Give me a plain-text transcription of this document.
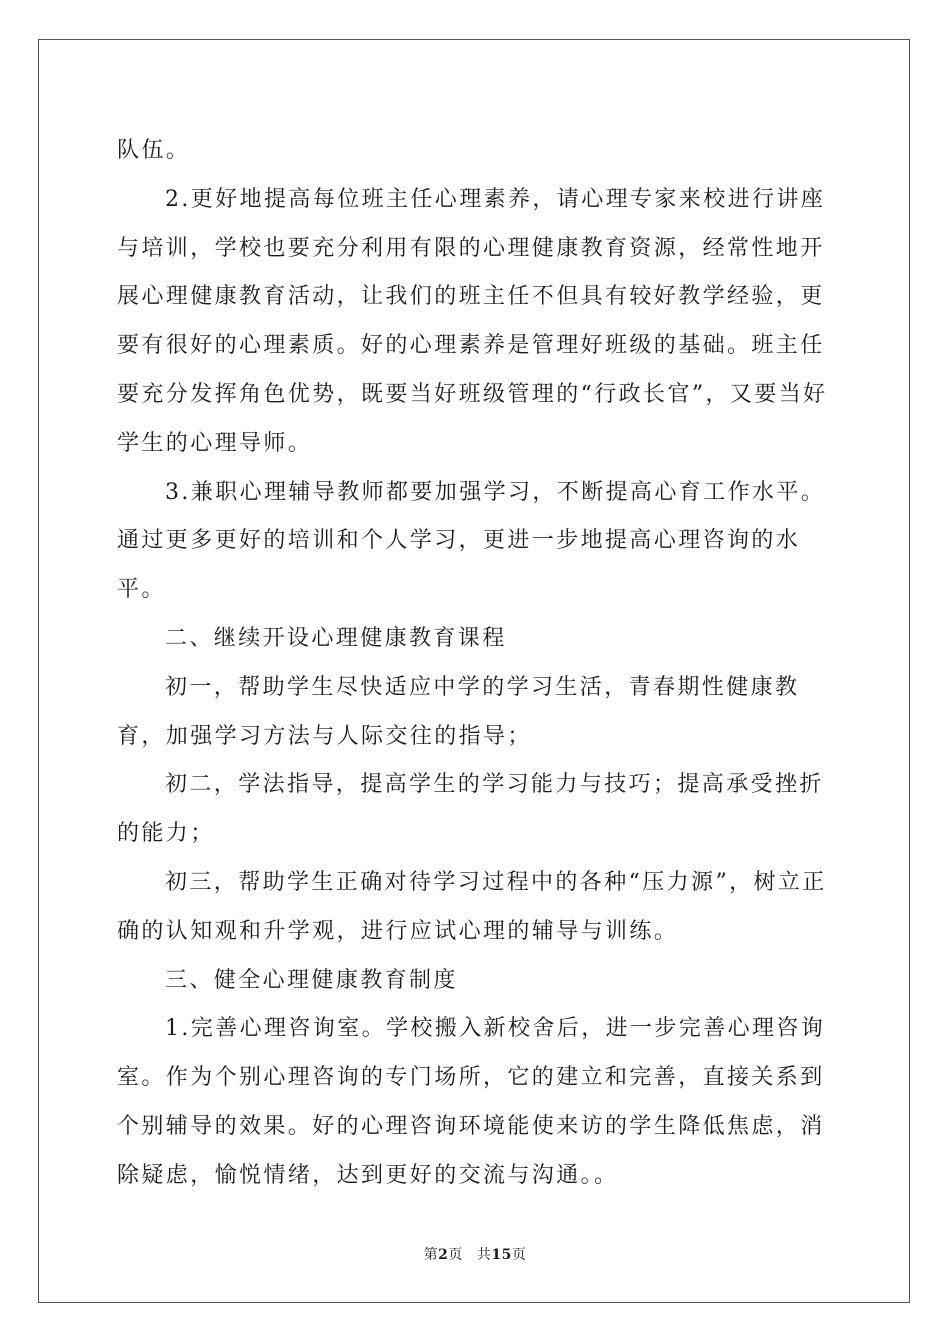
队伍。

2.更好地提高每位班主任心理素养，请心理专家来校进行讲座与培训，学校也要充分利用有限的心理健康教育资源，经常性地开展心理健康教育活动，让我们的班主任不但具有较好教学经验，更要有很好的心理素质。好的心理素养是管理好班级的基础。班主任要充分发挥角色优势，既要当好班级管理的“行政长官”，又要当好学生的心理导师。

3.兼职心理辅导教师都要加强学习，不断提高心育工作水平。通过更多更好的培训和个人学习，更进一步地提高心理咨询的水平。

二、继续开设心理健康教育课程

初一，帮助学生尽快适应中学的学习生活，青春期性健康教育，加强学习方法与人际交往的指导；

初二，学法指导，提高学生的学习能力与技巧；提高承受挫折的能力；

初三，帮助学生正确对待学习过程中的各种“压力源”，树立正确的认知观和升学观，进行应试心理的辅导与训练。

三、健全心理健康教育制度

1.完善心理咨询室。学校搬入新校舍后，进一步完善心理咨询室。作为个别心理咨询的专门场所，它的建立和完善，直接关系到个别辅导的效果。好的心理咨询环境能使来访的学生降低焦虑，消除疑虑，愉悦情绪，达到更好的交流与沟通。。

第2页 共15页
